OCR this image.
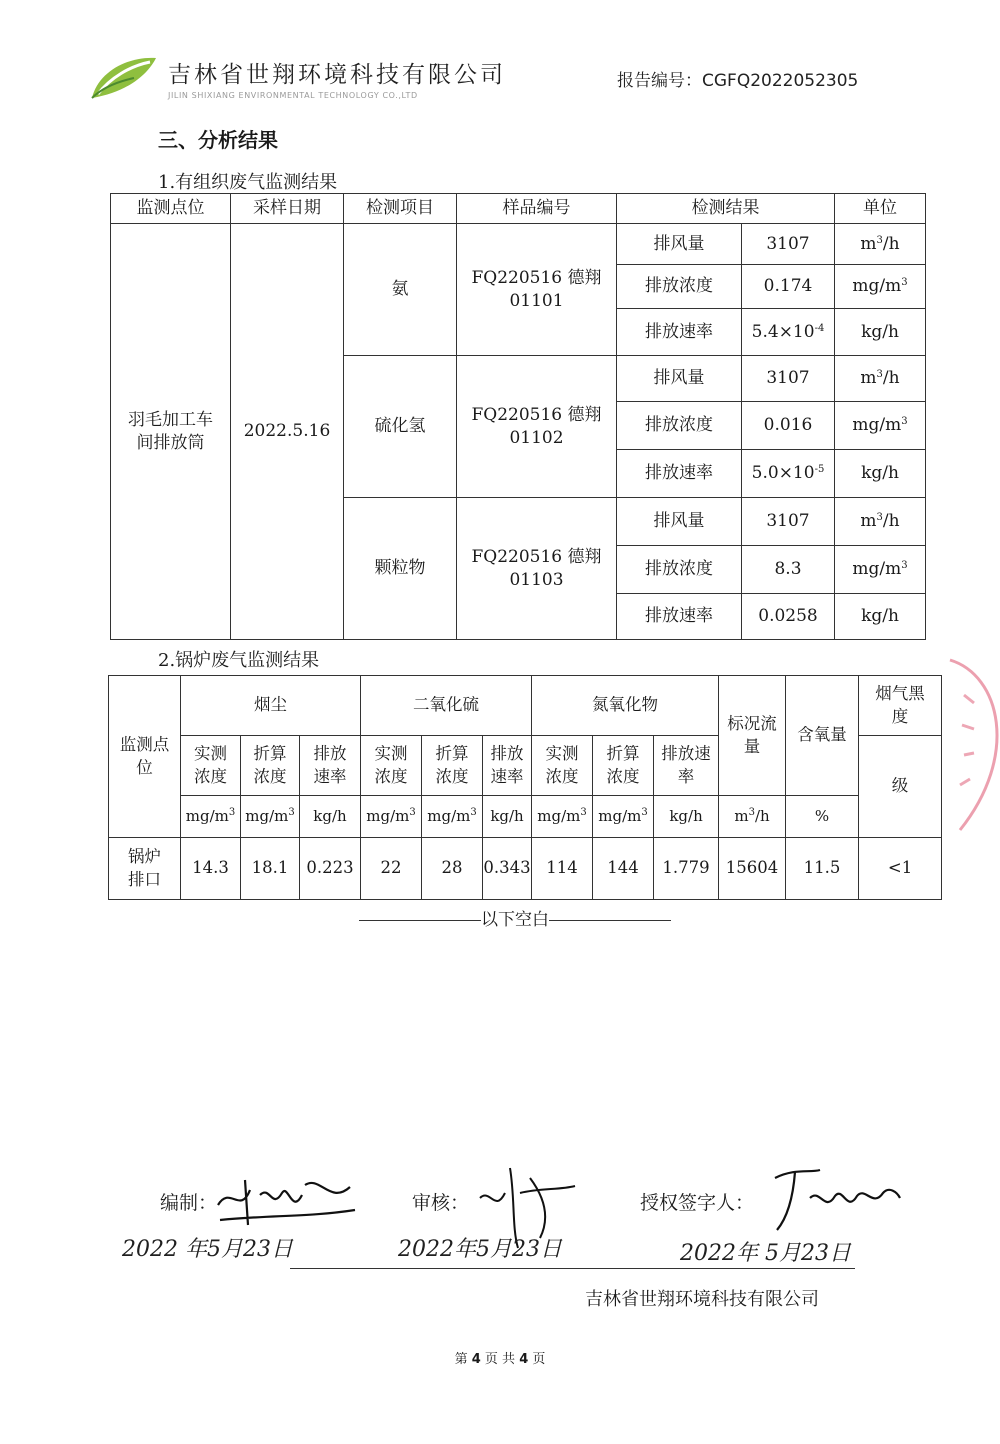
吉林省世翔环境科技有限公司
JILIN SHIXIANG ENVIRONMENTAL TECHNOLOGY CO.,LTD
报告编号：CGFQ2022052305
三、分析结果
1.有组织废气监测结果
监测点位	采样日期	检测项目	样品编号	检测结果		单位
羽毛加工车间排放筒	2022.5.16	氨	FQ220516 德翔 01101	排风量	3107	$m^3/h$
				排放浓度	0.174	$mg/m^3$
				排放速率	$5.4\times 10^{-4}$	kg/h
		硫化氢	FQ220516 德翔 01102	排风量	3107	$m^3/h$
				排放浓度	0.016	$mg/m^3$
				排放速率	$5.0\times 10^{-5}$	kg/h
		颗粒物	FQ220516 德翔 01103	排风量	3107	$m^3/h$
				排放浓度	8.3	$mg/m^3$
				排放速率	0.0258	kg/h
2.锅炉废气监测结果
监测点位	烟尘			二氧化硫			氮氧化物			标况流量	含氧量	烟气黑度
	实测浓度	折算浓度	排放速率	实测浓度	折算浓度	排放速率	实测浓度	折算浓度	排放速率			级
	$mg/m^3$	$mg/m^3$	kg/h	$mg/m^3$	$mg/m^3$	kg/h	$mg/m^3$	$mg/m^3$	kg/h	$m^3/h$	%	
锅炉排口	14.3	18.1	0.223	22	28	0.343	114	144	1.779	15604	11.5	<1
以下空白
编制：	审核：	授权签字人：
2022 年5月23日	2022年5月23日	2022年 5月23日
吉林省世翔环境科技有限公司
第 4 页 共 4 页
